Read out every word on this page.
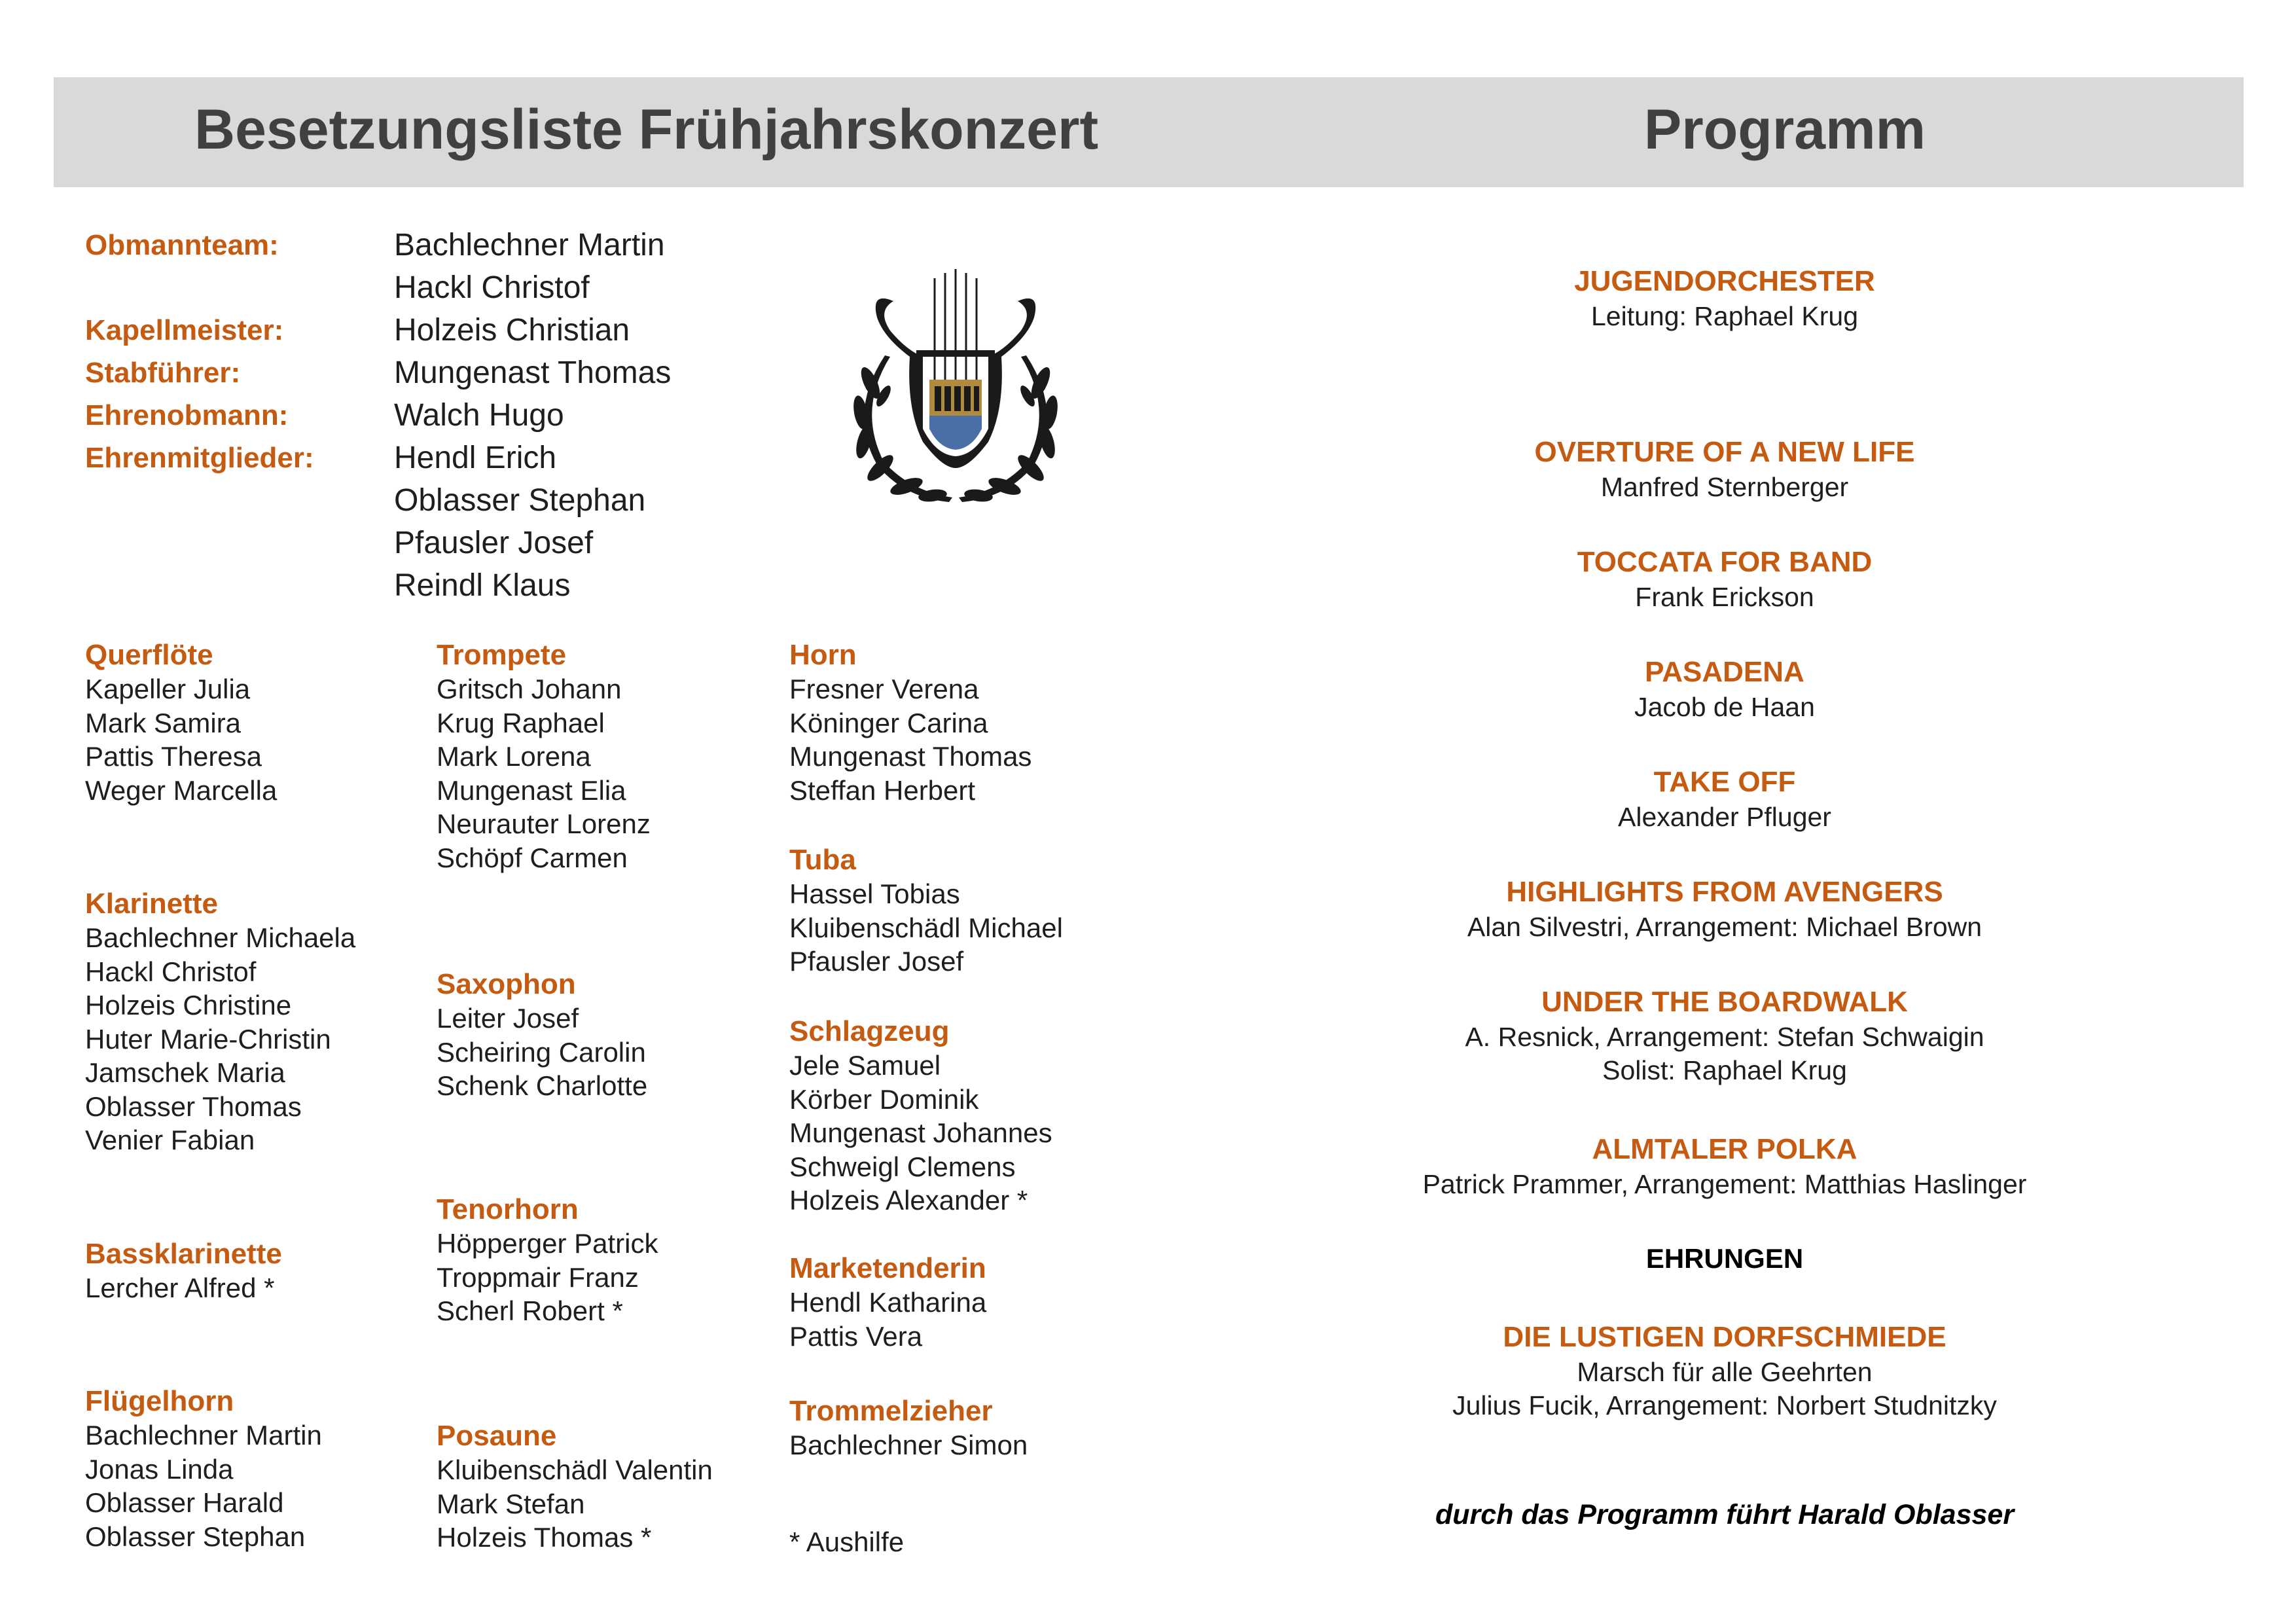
Besetzungsliste Frühjahrskonzert	Programm
Obmannteam:
Kapellmeister:
Stabführer:
Ehrenobmann:
Ehrenmitglieder:
Bachlechner Martin
Hackl Christof
Holzeis Christian
Mungenast Thomas
Walch Hugo
Hendl Erich
Oblasser Stephan
Pfausler Josef
Reindl Klaus
Querflöte
Kapeller Julia
Mark Samira
Pattis Theresa
Weger Marcella
Klarinette
Bachlechner Michaela
Hackl Christof
Holzeis Christine
Huter Marie-Christin
Jamschek Maria
Oblasser Thomas
Venier Fabian
Bassklarinette
Lercher Alfred *
Flügelhorn
Bachlechner Martin
Jonas Linda
Oblasser Harald
Oblasser Stephan
Trompete
Gritsch Johann
Krug Raphael
Mark Lorena
Mungenast Elia
Neurauter Lorenz
Schöpf Carmen
Saxophon
Leiter Josef
Scheiring Carolin
Schenk Charlotte
Tenorhorn
Höpperger Patrick
Troppmair Franz
Scherl Robert *
Posaune
Kluibenschädl Valentin
Mark Stefan
Holzeis Thomas *
Horn
Fresner Verena
Köninger Carina
Mungenast Thomas
Steffan Herbert
Tuba
Hassel Tobias
Kluibenschädl Michael
Pfausler Josef
Schlagzeug
Jele Samuel
Körber Dominik
Mungenast Johannes
Schweigl Clemens
Holzeis Alexander *
Marketenderin
Hendl Katharina
Pattis Vera
Trommelzieher
Bachlechner Simon
* Aushilfe
JUGENDORCHESTER
Leitung: Raphael Krug
OVERTURE OF A NEW LIFE
Manfred Sternberger
TOCCATA FOR BAND
Frank Erickson
PASADENA
Jacob de Haan
TAKE OFF
Alexander Pfluger
HIGHLIGHTS FROM AVENGERS
Alan Silvestri, Arrangement: Michael Brown
UNDER THE BOARDWALK
A. Resnick, Arrangement: Stefan Schwaigin
Solist: Raphael Krug
ALMTALER POLKA
Patrick Prammer, Arrangement: Matthias Haslinger
EHRUNGEN
DIE LUSTIGEN DORFSCHMIEDE
Marsch für alle Geehrten
Julius Fucik, Arrangement: Norbert Studnitzky
durch das Programm führt Harald Oblasser
